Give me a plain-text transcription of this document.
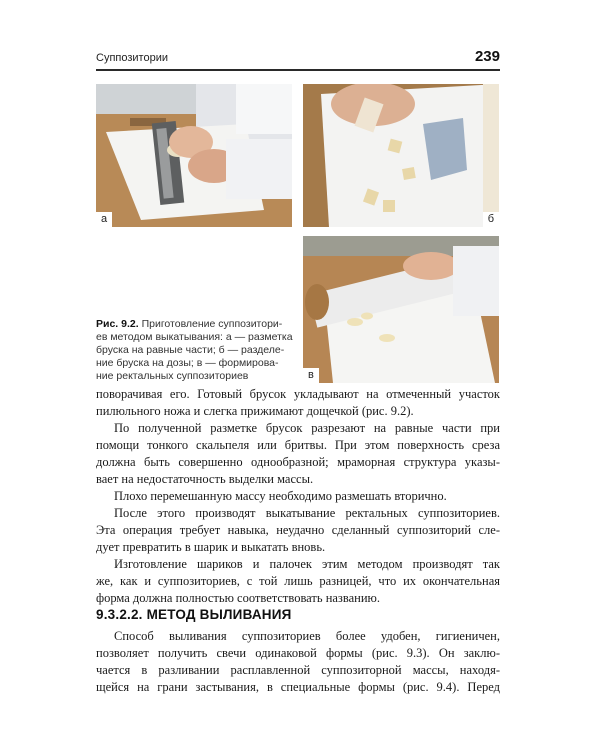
Суппозитории	239
а	б
в
Рис. 9.2. Приготовление суппозитори-
ев методом выкатывания: а — разметка
бруска на равные части; б — разделе-
ние бруска на дозы; в — формирова-
ние ректальных суппозиториев
поворачивая его. Готовый брусок укладывают на отмеченный участок
пилюльного ножа и слегка прижимают дощечкой (рис. 9.2).
По полученной разметке брусок разрезают на равные части при
помощи тонкого скальпеля или бритвы. При этом поверхность среза
должна быть совершенно однообразной; мраморная структура указы-
вает на недостаточность выделки массы.
Плохо перемешанную массу необходимо размешать вторично.
После этого производят выкатывание ректальных суппозиториев.
Эта операция требует навыка, неудачно сделанный суппозиторий сле-
дует превратить в шарик и выкатать вновь.
Изготовление шариков и палочек этим методом производят так
же, как и суппозиториев, с той лишь разницей, что их окончательная
форма должна полностью соответствовать названию.
9.3.2.2. МЕТОД ВЫЛИВАНИЯ
Способ выливания суппозиториев более удобен, гигиеничен,
позволяет получить свечи одинаковой формы (рис. 9.3). Он заклю-
чается в разливании расплавленной суппозиторной массы, находя-
щейся на грани застывания, в специальные формы (рис. 9.4). Перед
